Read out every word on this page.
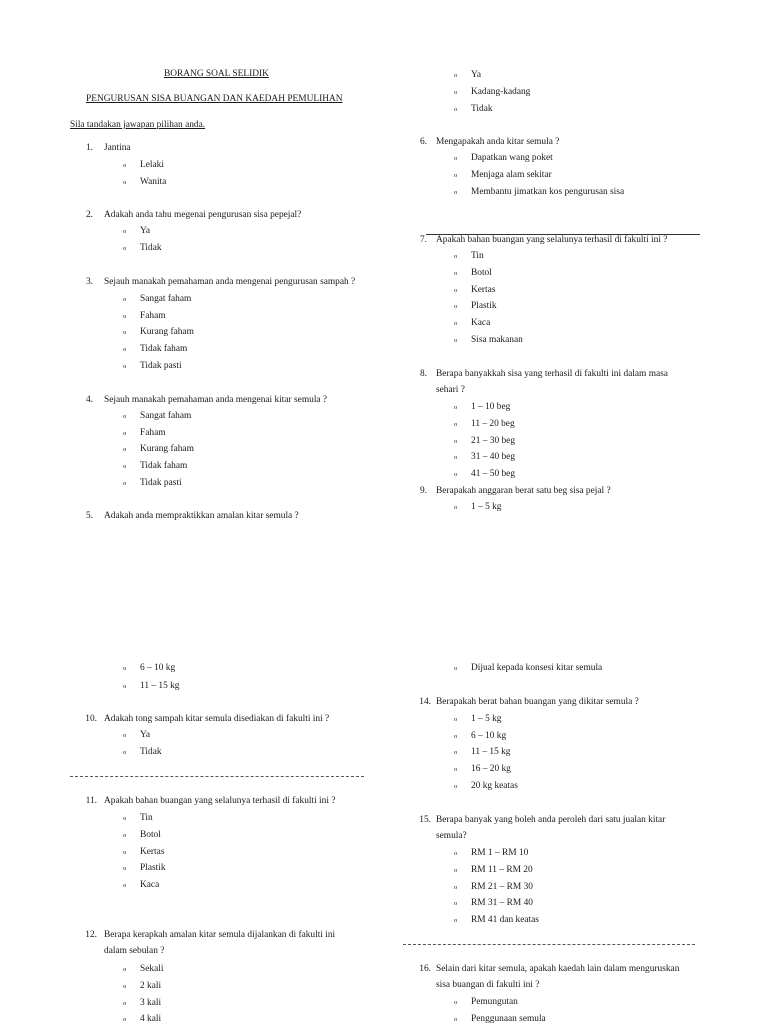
1. Jantina
o Lelaki
o Wanita
2. Adakah anda tahu megenai pengurusan sisa pepejal?
o Ya
o Tidak
3. Sejauh manakah pemahaman anda mengenai pengurusan sampah ?
o Sangat faham
o Faham
o Kurang faham
o Tidak faham
o Tidak pasti
4. Sejauh manakah pemahaman anda mengenai kitar semula ?
o Sangat faham
o Faham
o Kurang faham
o Tidak faham
o Tidak pasti
5. Adakah anda mempraktikkan amalan kitar semula ?
o Ya
o Kadang-kadang
o Tidak
6. Mengapakah anda kitar semula ?
o Dapatkan wang poket
o Menjaga alam sekitar
o Membantu jimatkan kos pengurusan sisa
7. Apakah bahan buangan yang selalunya terhasil di fakulti ini ?
o Tin
o Botol
o Kertas
o Plastik
o Kaca
o Sisa makanan
8. Berapa banyakkah sisa yang terhasil di fakulti ini dalam masa
sehari ?
o 1 – 10 beg
o 11 – 20 beg
o 21 – 30 beg
o 31 – 40 beg
o 41 – 50 beg
9. Berapakah anggaran berat satu beg sisa pejal ?
o 1 – 5 kg
o 6 – 10 kg
o 11 – 15 kg
10. Adakah tong sampah kitar semula disediakan di fakulti ini ?
o Ya
o Tidak
11. Apakah bahan buangan yang selalunya terhasil di fakulti ini ?
o Tin
o Botol
o Kertas
o Plastik
o Kaca
12. Berapa kerapkah amalan kitar semula dijalankan di fakulti ini
dalam sebulan ?
o Sekali
o 2 kali
o 3 kali
o 4 kali
o Dijual kepada konsesi kitar semula
14. Berapakah berat bahan buangan yang dikitar semula ?
o 1 – 5 kg
o 6 – 10 kg
o 11 – 15 kg
o 16 – 20 kg
o 20 kg keatas
15. Berapa banyak yang boleh anda peroleh dari satu jualan kitar
semula?
o RM 1 – RM 10
o RM 11 – RM 20
o RM 21 – RM 30
o RM 31 – RM 40
o RM 41 dan keatas
16. Selain dari kitar semula, apakah kaedah lain dalam menguruskan
sisa buangan di fakulti ini ?
o Pemungutan
o Penggunaan semula
BORANG SOAL SELIDIK
PENGURUSAN SISA BUANGAN DAN KAEDAH PEMULIHAN
Sila tandakan jawapan pilihan anda.
